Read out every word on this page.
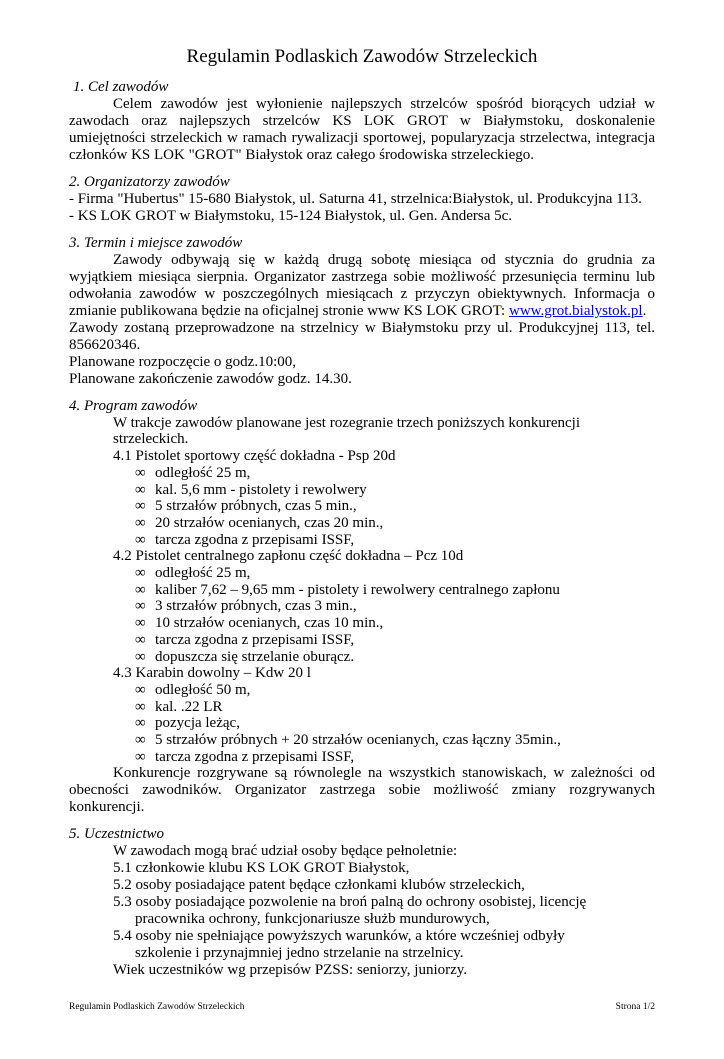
Regulamin Podlaskich Zawodów Strzeleckich
1. Cel zawodów
Celem zawodów jest wyłonienie najlepszych strzelców spośród biorących udział w zawodach oraz najlepszych strzelców KS LOK GROT w Białymstoku, doskonalenie umiejętności strzeleckich w ramach rywalizacji sportowej, popularyzacja strzelectwa, integracja członków KS LOK "GROT" Białystok oraz całego środowiska strzeleckiego.
2. Organizatorzy zawodów
- Firma "Hubertus" 15-680 Białystok, ul. Saturna 41, strzelnica:Białystok, ul. Produkcyjna 113.
- KS LOK GROT w Białymstoku, 15-124 Białystok, ul. Gen. Andersa 5c.
3. Termin i miejsce zawodów
Zawody odbywają się w każdą drugą sobotę miesiąca od stycznia do grudnia za wyjątkiem miesiąca sierpnia. Organizator zastrzega sobie możliwość przesunięcia terminu lub odwołania zawodów w poszczególnych miesiącach z przyczyn obiektywnych. Informacja o zmianie publikowana będzie na oficjalnej stronie www KS LOK GROT: www.grot.bialystok.pl.
Zawody zostaną przeprowadzone na strzelnicy w Białymstoku przy ul. Produkcyjnej 113, tel. 856620346.
Planowane rozpoczęcie o godz.10:00,
Planowane zakończenie zawodów godz. 14.30.
4. Program zawodów
W trakcje zawodów planowane jest rozegranie trzech poniższych konkurencji strzeleckich.
4.1 Pistolet sportowy część dokładna - Psp 20d
∞ odległość 25 m,
∞ kal. 5,6 mm - pistolety i rewolwery
∞ 5 strzałów próbnych, czas 5 min.,
∞ 20 strzałów ocenianych, czas 20 min.,
∞ tarcza zgodna z przepisami ISSF,
4.2 Pistolet centralnego zapłonu część dokładna – Pcz 10d
∞ odległość 25 m,
∞ kaliber 7,62 – 9,65 mm - pistolety i rewolwery centralnego zapłonu
∞ 3 strzałów próbnych, czas 3 min.,
∞ 10 strzałów ocenianych, czas 10 min.,
∞ tarcza zgodna z przepisami ISSF,
∞ dopuszcza się strzelanie oburącz.
4.3 Karabin dowolny – Kdw 20 l
∞ odległość 50 m,
∞ kal. .22 LR
∞ pozycja leżąc,
∞ 5 strzałów próbnych + 20 strzałów ocenianych, czas łączny 35min.,
∞ tarcza zgodna z przepisami ISSF,
Konkurencje rozgrywane są równolegle na wszystkich stanowiskach, w zależności od obecności zawodników. Organizator zastrzega sobie możliwość zmiany rozgrywanych konkurencji.
5. Uczestnictwo
W zawodach mogą brać udział osoby będące pełnoletnie:
5.1 członkowie klubu KS LOK GROT Białystok,
5.2 osoby posiadające patent będące członkami klubów strzeleckich,
5.3 osoby posiadające pozwolenie na broń palną do ochrony osobistej, licencję pracownika ochrony, funkcjonariusze służb mundurowych,
5.4 osoby nie spełniające powyższych warunków, a które wcześniej odbyły szkolenie i przynajmniej jedno strzelanie na strzelnicy.
Wiek uczestników wg przepisów PZSS: seniorzy, juniorzy.
Regulamin Podlaskich Zawodów Strzeleckich	Strona 1/2
